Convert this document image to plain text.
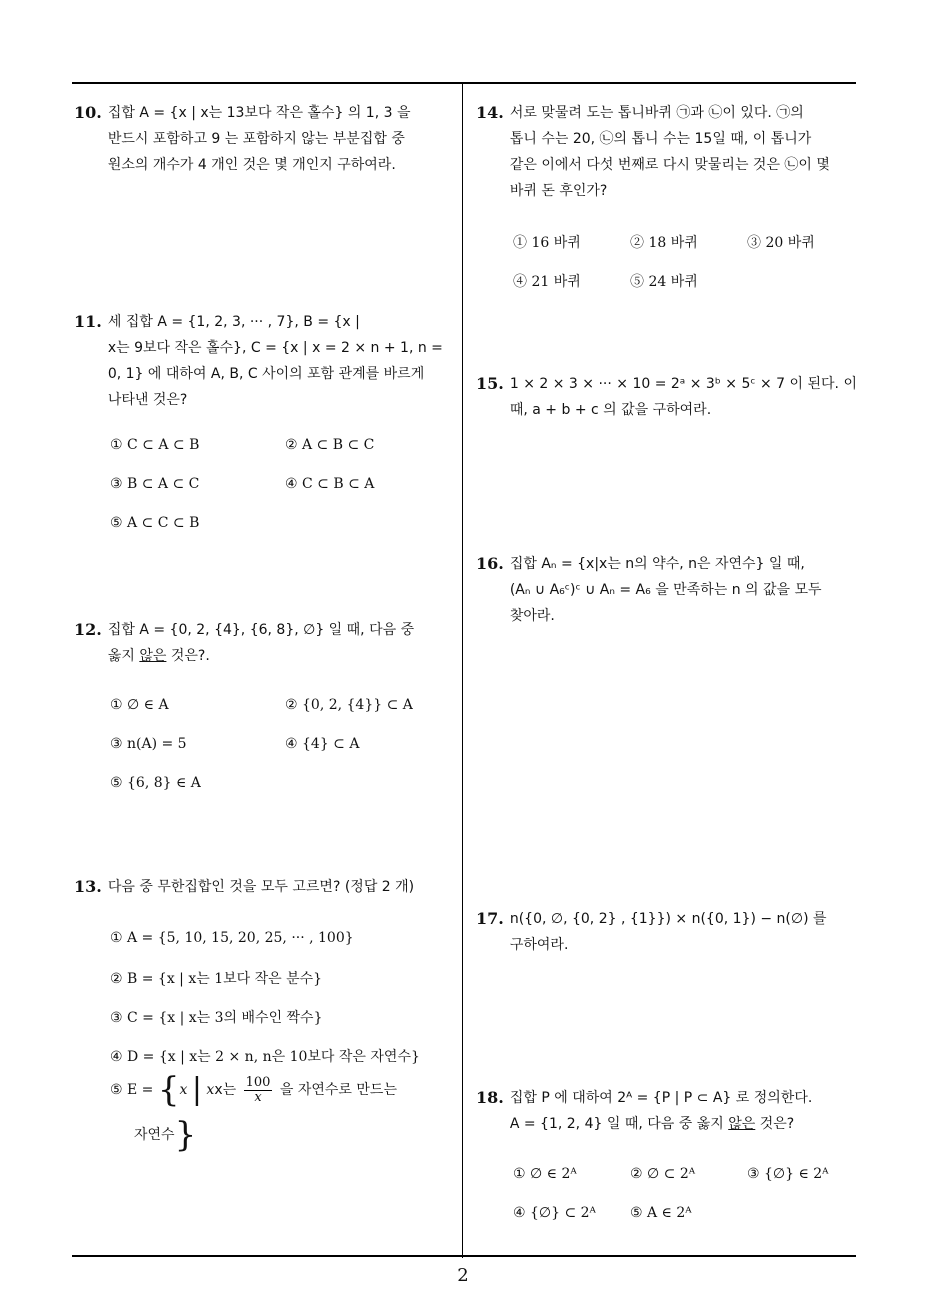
10. 집합 A = {x | x는 13보다 작은 홀수} 의 1, 3 을
반드시 포함하고 9 는 포함하지 않는 부분집합 중
원소의 개수가 4 개인 것은 몇 개인지 구하여라.
11. 세 집합 A = {1, 2, 3, ··· , 7}, B = {x |
x는 9보다 작은 홀수}, C = {x | x = 2 × n + 1, n =
0, 1} 에 대하여 A, B, C 사이의 포함 관계를 바르게
나타낸 것은?
① C ⊂ A ⊂ B	② A ⊂ B ⊂ C
③ B ⊂ A ⊂ C	④ C ⊂ B ⊂ A
⑤ A ⊂ C ⊂ B
12. 집합 A = {0, 2, {4}, {6, 8}, ∅} 일 때, 다음 중
옳지 않은 것은?.
① ∅ ∈ A	② {0, 2, {4}} ⊂ A
③ n(A) = 5	④ {4} ⊂ A
⑤ {6, 8} ∈ A
13. 다음 중 무한집합인 것을 모두 고르면? (정답 2 개)
① A = {5, 10, 15, 20, 25, ··· , 100}
② B = {x | x는 1보다 작은 분수}
③ C = {x | x는 3의 배수인 짝수}
④ D = {x | x는 2 × n, n은 10보다 작은 자연수}
⑤ E = {x | xx는 $\frac{100}{x}$ 을 자연수로 만드는
자연수}
14. 서로 맞물려 도는 톱니바퀴 ㉠과 ㉡이 있다. ㉠의
톱니 수는 20, ㉡의 톱니 수는 15일 때, 이 톱니가
같은 이에서 다섯 번째로 다시 맞물리는 것은 ㉡이 몇
바퀴 돈 후인가?
① 16 바퀴	② 18 바퀴	③ 20 바퀴
④ 21 바퀴	⑤ 24 바퀴
15. 1 × 2 × 3 × ··· × 10 = 2ᵃ × 3ᵇ × 5ᶜ × 7 이 된다. 이
때, a + b + c 의 값을 구하여라.
16. 집합 Aₙ = {x|x는 n의 약수, n은 자연수} 일 때,
(Aₙ ∪ A₆ᶜ)ᶜ ∪ Aₙ = A₆ 을 만족하는 n 의 값을 모두
찾아라.
17. n({0, ∅, {0, 2} , {1}}) × n({0, 1}) − n(∅) 를
구하여라.
18. 집합 P 에 대하여 2ᴬ = {P | P ⊂ A} 로 정의한다.
A = {1, 2, 4} 일 때, 다음 중 옳지 않은 것은?
① ∅ ∈ 2ᴬ	② ∅ ⊂ 2ᴬ	③ {∅} ∈ 2ᴬ
④ {∅} ⊂ 2ᴬ ⑤ A ∈ 2ᴬ
2
